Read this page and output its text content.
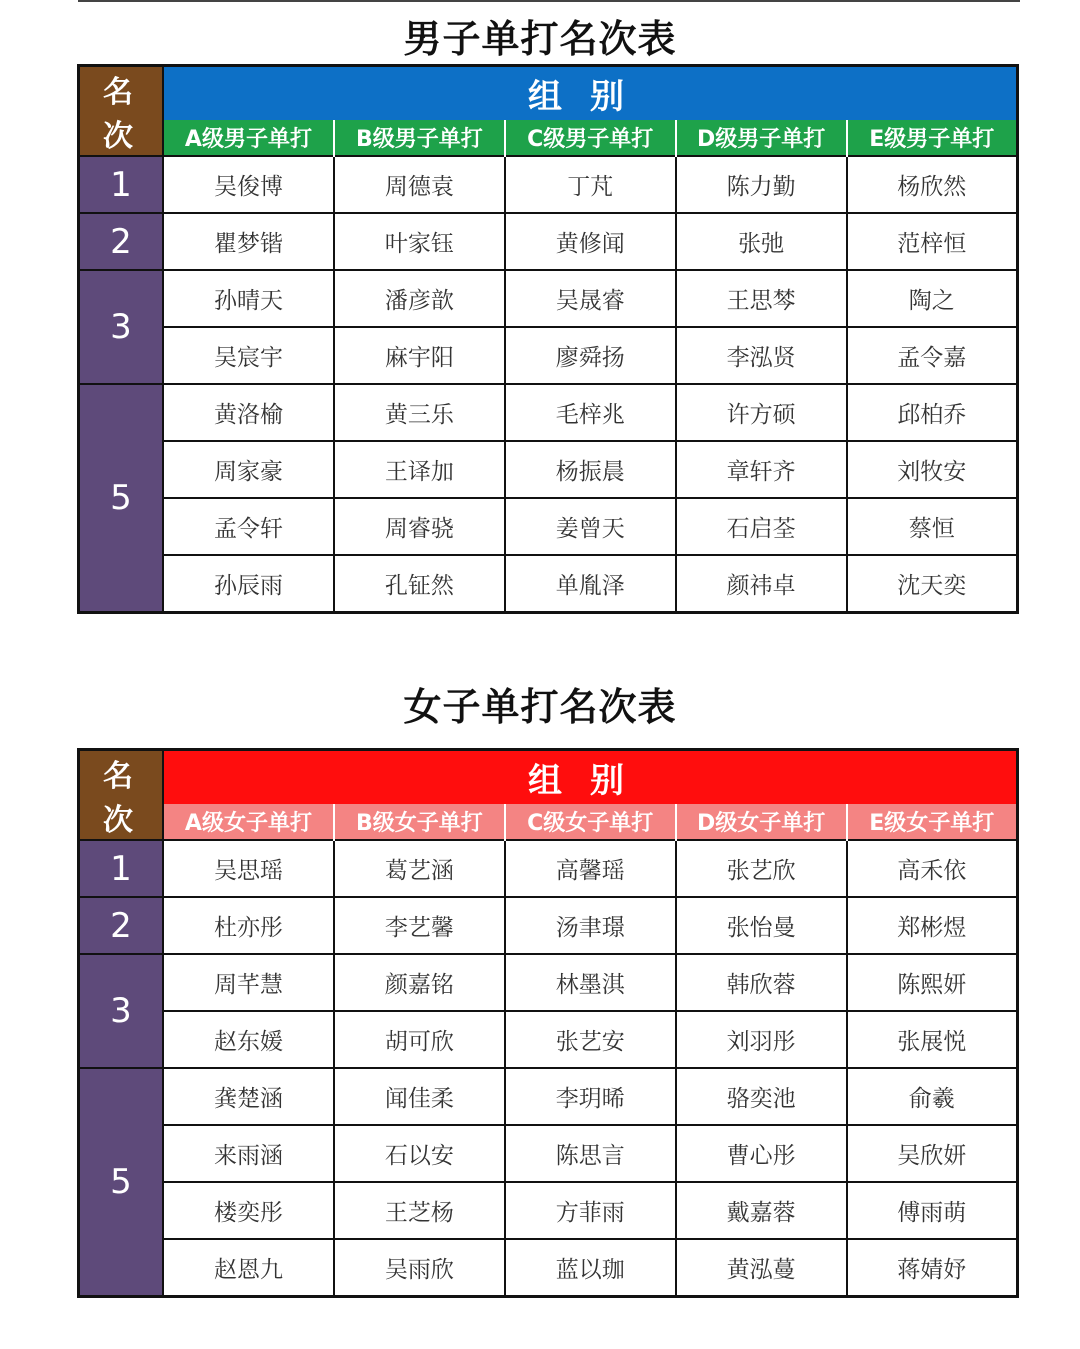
男子单打名次表
名 次	组别				
	A级男子单打	B级男子单打	C级男子单打	D级男子单打	E级男子单打
1	吴俊博	周德袁	丁芃	陈力勤	杨欣然
2	瞿梦锴	叶家钰	黄修闻	张弛	范梓恒
3	孙晴天	潘彦歆	吴晟睿	王思棽	陶之
	吴宸宇	麻宇阳	廖舜扬	李泓贤	孟令嘉
5	黄洛榆	黄三乐	毛梓兆	许方硕	邱柏乔
	周家豪	王译加	杨振晨	章轩齐	刘牧安
	孟令轩	周睿骁	姜曾天	石启荃	蔡恒
	孙辰雨	孔钲然	单胤泽	颜祎卓	沈天奕
女子单打名次表
名 次	组别				
	A级女子单打	B级女子单打	C级女子单打	D级女子单打	E级女子单打
1	吴思瑶	葛艺涵	高馨瑶	张艺欣	高禾依
2	杜亦彤	李艺馨	汤聿璟	张怡曼	郑彬煜
3	周芊慧	颜嘉铭	林墨淇	韩欣蓉	陈熙妍
	赵东媛	胡可欣	张艺安	刘羽彤	张展悦
5	龚楚涵	闻佳柔	李玥晞	骆奕池	俞羲
	来雨涵	石以安	陈思言	曹心彤	吴欣妍
	楼奕彤	王芝杨	方菲雨	戴嘉蓉	傅雨萌
	赵恩九	吴雨欣	蓝以珈	黄泓蔓	蒋婧妤
